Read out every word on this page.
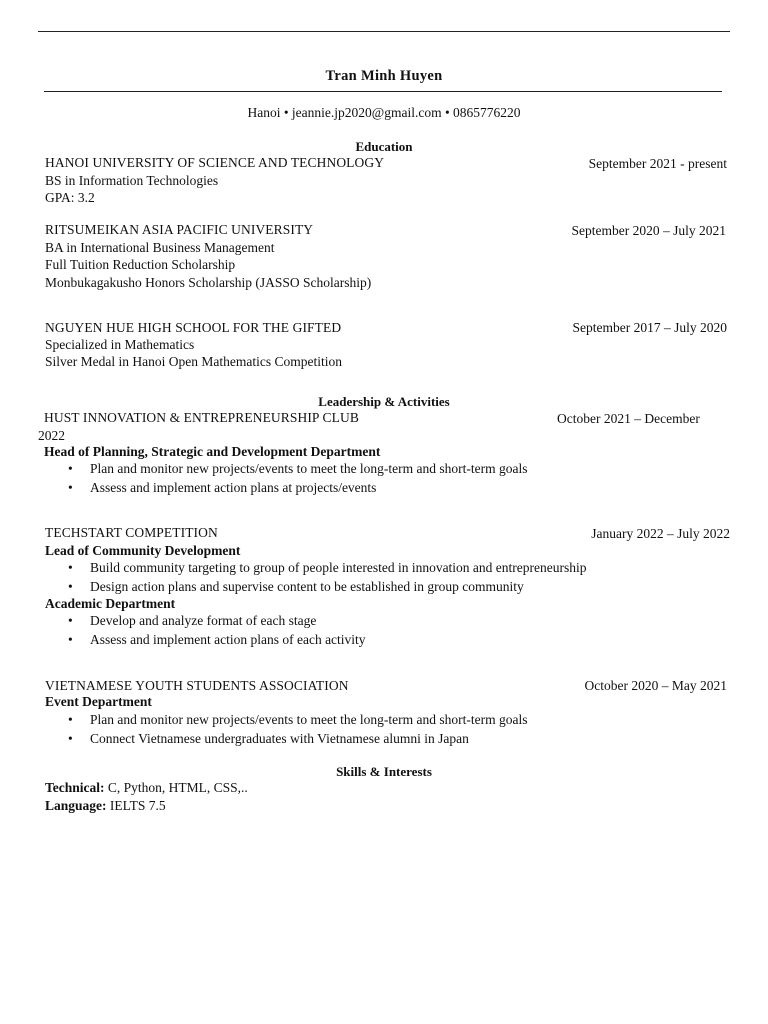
Tran Minh Huyen
Hanoi • jeannie.jp2020@gmail.com • 0865776220
Education
HANOI UNIVERSITY OF SCIENCE AND TECHNOLOGY	September 2021 - present
BS in Information Technologies
GPA: 3.2
RITSUMEIKAN ASIA PACIFIC UNIVERSITY	September 2020 – July 2021
BA in International Business Management
Full Tuition Reduction Scholarship
Monbukagakusho Honors Scholarship (JASSO Scholarship)
NGUYEN HUE HIGH SCHOOL FOR THE GIFTED	September 2017 – July 2020
Specialized in Mathematics
Silver Medal in Hanoi Open Mathematics Competition
Leadership & Activities
HUST INNOVATION & ENTREPRENEURSHIP CLUB	October 2021 – December
2022
Head of Planning, Strategic and Development Department
• Plan and monitor new projects/events to meet the long-term and short-term goals
• Assess and implement action plans at projects/events
TECHSTART COMPETITION	January 2022 – July 2022
Lead of Community Development
• Build community targeting to group of people interested in innovation and entrepreneurship
• Design action plans and supervise content to be established in group community
Academic Department
• Develop and analyze format of each stage
• Assess and implement action plans of each activity
VIETNAMESE YOUTH STUDENTS ASSOCIATION	October 2020 – May 2021
Event Department
• Plan and monitor new projects/events to meet the long-term and short-term goals
• Connect Vietnamese undergraduates with Vietnamese alumni in Japan
Skills & Interests
Technical: C, Python, HTML, CSS,..
Language: IELTS 7.5
